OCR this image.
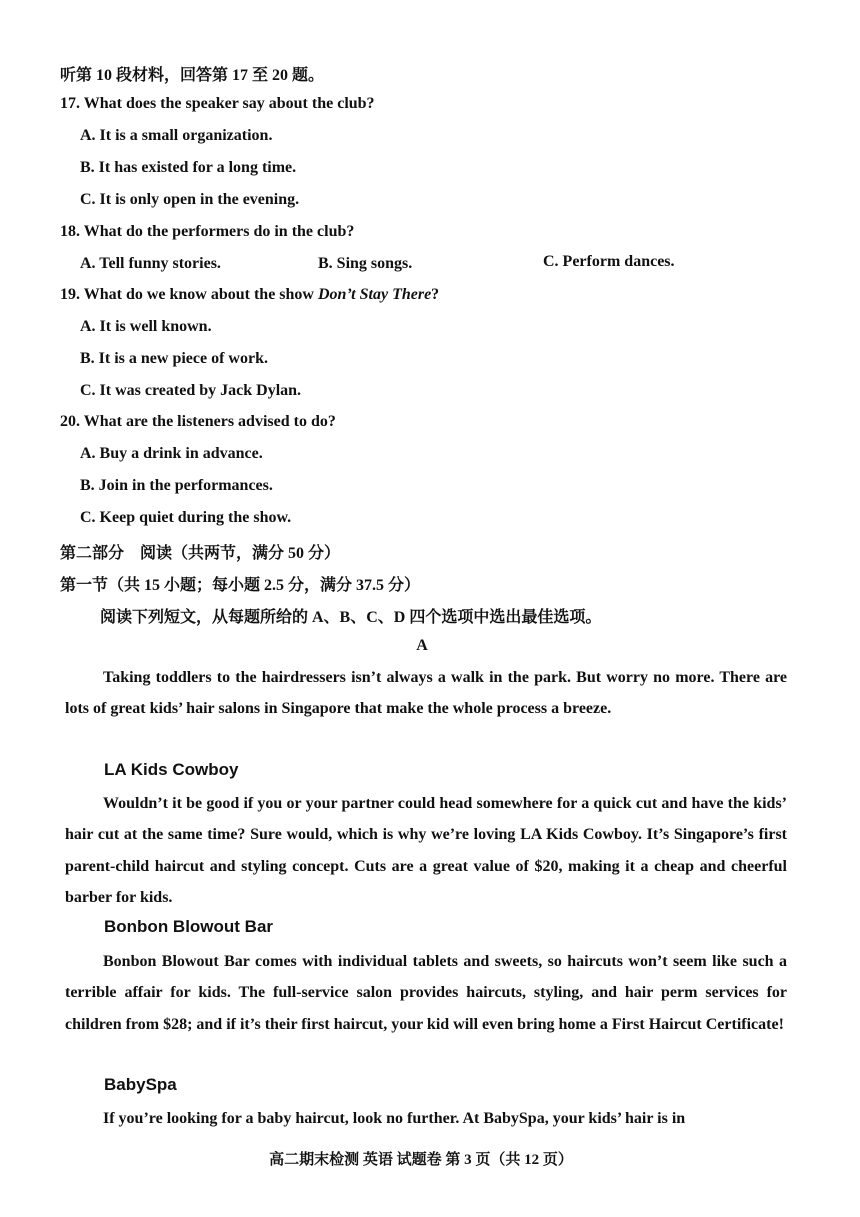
听第 10 段材料，回答第 17 至 20 题。
17. What does the speaker say about the club?
A. It is a small organization.
B. It has existed for a long time.
C. It is only open in the evening.
18. What do the performers do in the club?
A. Tell funny stories.	B. Sing songs.	C. Perform dances.
19. What do we know about the show Don’t Stay There?
A. It is well known.
B. It is a new piece of work.
C. It was created by Jack Dylan.
20. What are the listeners advised to do?
A. Buy a drink in advance.
B. Join in the performances.
C. Keep quiet during the show.
第二部分　阅读（共两节，满分 50 分）
第一节（共 15 小题；每小题 2.5 分，满分 37.5 分）
阅读下列短文，从每题所给的 A、B、C、D 四个选项中选出最佳选项。
A
Taking toddlers to the hairdressers isn’t always a walk in the park. But worry no more. There are lots of great kids’ hair salons in Singapore that make the whole process a breeze.
LA Kids Cowboy
Wouldn’t it be good if you or your partner could head somewhere for a quick cut and have the kids’ hair cut at the same time? Sure would, which is why we’re loving LA Kids Cowboy. It’s Singapore’s first parent-child haircut and styling concept. Cuts are a great value of $20, making it a cheap and cheerful barber for kids.
Bonbon Blowout Bar
Bonbon Blowout Bar comes with individual tablets and sweets, so haircuts won’t seem like such a terrible affair for kids. The full-service salon provides haircuts, styling, and hair perm services for children from $28; and if it’s their first haircut, your kid will even bring home a First Haircut Certificate!
BabySpa
If you’re looking for a baby haircut, look no further. At BabySpa, your kids’ hair is in
高二期末检测 英语 试题卷 第 3 页（共 12 页）
